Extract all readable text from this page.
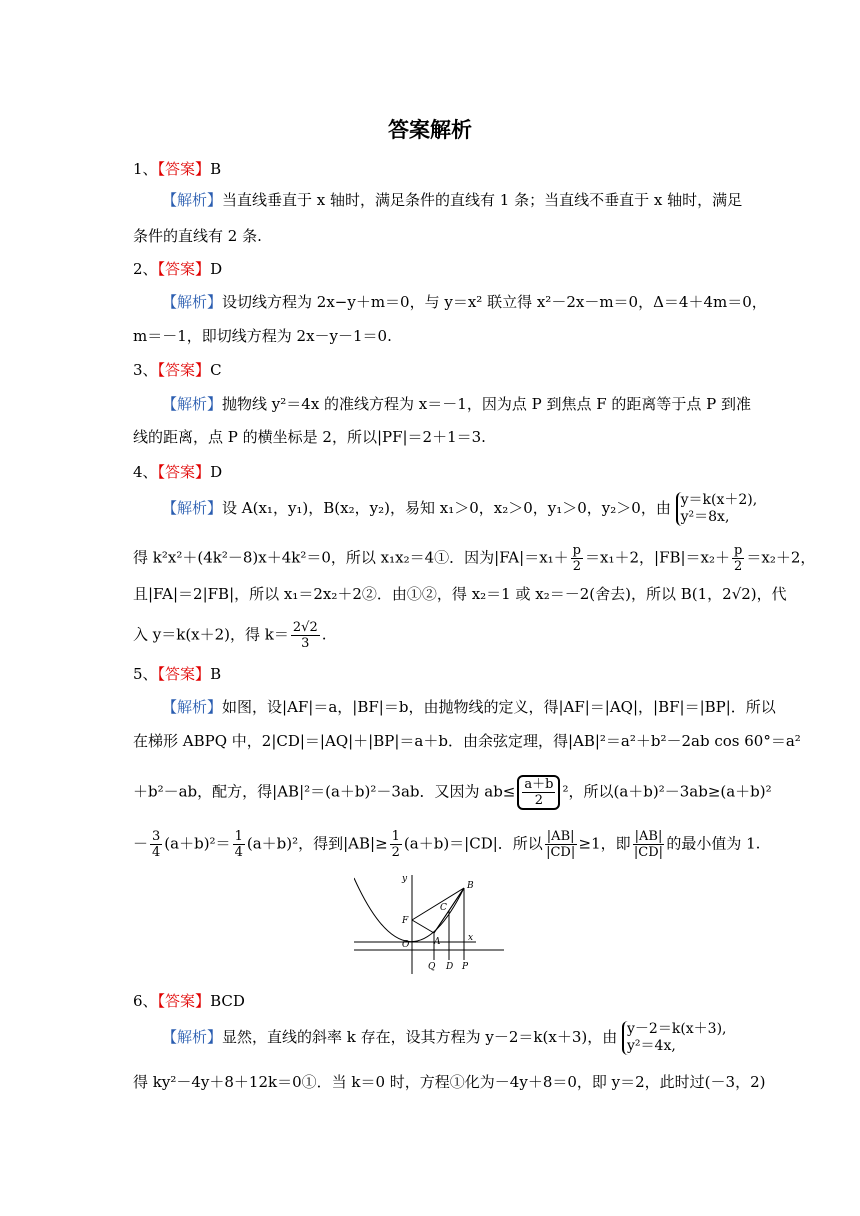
答案解析
1、【答案】B
【解析】当直线垂直于 x 轴时，满足条件的直线有 1 条；当直线不垂直于 x 轴时，满足
条件的直线有 2 条.
2、【答案】D
【解析】设切线方程为 2x−y＋m＝0，与 y＝x² 联立得 x²－2x－m＝0，Δ＝4＋4m＝0，
m＝－1，即切线方程为 2x－y－1＝0.
3、【答案】C
【解析】抛物线 y²＝4x 的准线方程为 x＝－1，因为点 P 到焦点 F 的距离等于点 P 到准
线的距离，点 P 的横坐标是 2，所以|PF|＝2＋1＝3.
4、【答案】D
【解析】设 A(x₁，y₁)，B(x₂，y₂)，易知 x₁＞0，x₂＞0，y₁＞0，y₂＞0，由 y＝k(x＋2),
y²＝8x,
得 k²x²＋(4k²－8)x＋4k²＝0，所以 x₁x₂＝4①．因为$|FA|=x_1+ \frac{p}{2} =x_1+2$，$|FB|=x_2+ \frac{p}{2} =x_2+2$，
且|FA|＝2|FB|，所以 x₁＝2x₂＋2②．由①②，得 x₂＝1 或 x₂＝－2(舍去)，所以 B(1，2√2)，代
入 y＝k(x＋2)，得 $k= \frac{2√2}{3}$ .
5、【答案】B
【解析】如图，设|AF|＝a，|BF|＝b，由抛物线的定义，得|AF|＝|AQ|，|BF|＝|BP|．所以
在梯形 ABPQ 中，2|CD|＝|AQ|＋|BP|＝a＋b．由余弦定理，得|AB|²＝a²＋b²－2ab cos 60°＝a²
＋b²－ab，配方，得|AB|²＝(a＋b)²－3ab．又因为 $ab\le \frac{a+b}{2} ^2$，所以(a＋b)²－3ab≥(a＋b)²
－ $\frac{3}{4} (a+b)^2= \frac{1}{4} (a+b)^2$，得到$|AB|\ge \frac{1}{2} (a+b)=|CD|$．所以 $\frac{|AB|}{|CD|} \ge 1$，即 $\frac{|AB|}{|CD|}$ 的最小值为 1.
y
B
F
C
A
O
x
Q D P
6、【答案】BCD
【解析】显然，直线的斜率 k 存在，设其方程为 y－2＝k(x＋3)，由 y－2＝k(x＋3),
y²＝4x,
得 ky²－4y＋8＋12k＝0①．当 k＝0 时，方程①化为－4y＋8＝0，即 y＝2，此时过(－3，2)
